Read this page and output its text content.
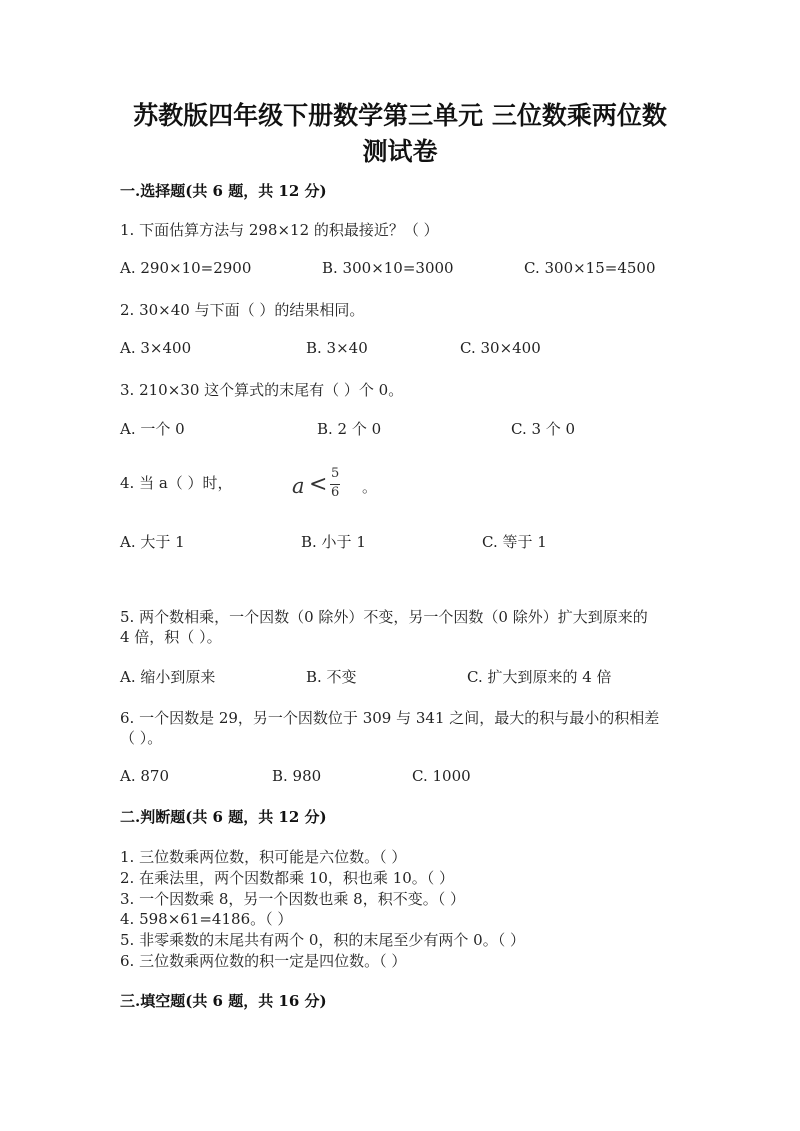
苏教版四年级下册数学第三单元 三位数乘两位数
测试卷
一.选择题(共 6 题，共 12 分)
1. 下面估算方法与 298×12 的积最接近？（ ）
A. 290×10=2900	B. 300×10=3000	C. 300×15=4500
2. 30×40 与下面（ ）的结果相同。
A. 3×400	B. 3×40	C. 30×400
3. 210×30 这个算式的末尾有（ ）个 0。
A. 一个 0	B. 2 个 0	C. 3 个 0
4. 当 a（ ）时，	a < 5
6 。
A. 大于 1	B. 小于 1	C. 等于 1
5. 两个数相乘，一个因数（0 除外）不变，另一个因数（0 除外）扩大到原来的
4 倍，积（ ）。
A. 缩小到原来	B. 不变	C. 扩大到原来的 4 倍
6. 一个因数是 29，另一个因数位于 309 与 341 之间，最大的积与最小的积相差
（ ）。
A. 870	B. 980	C. 1000
二.判断题(共 6 题，共 12 分)
1. 三位数乘两位数，积可能是六位数。（ ）
2. 在乘法里，两个因数都乘 10，积也乘 10。（ ）
3. 一个因数乘 8，另一个因数也乘 8，积不变。（ ）
4. 598×61=4186。（ ）
5. 非零乘数的末尾共有两个 0，积的末尾至少有两个 0。（ ）
6. 三位数乘两位数的积一定是四位数。（ ）
三.填空题(共 6 题，共 16 分)
